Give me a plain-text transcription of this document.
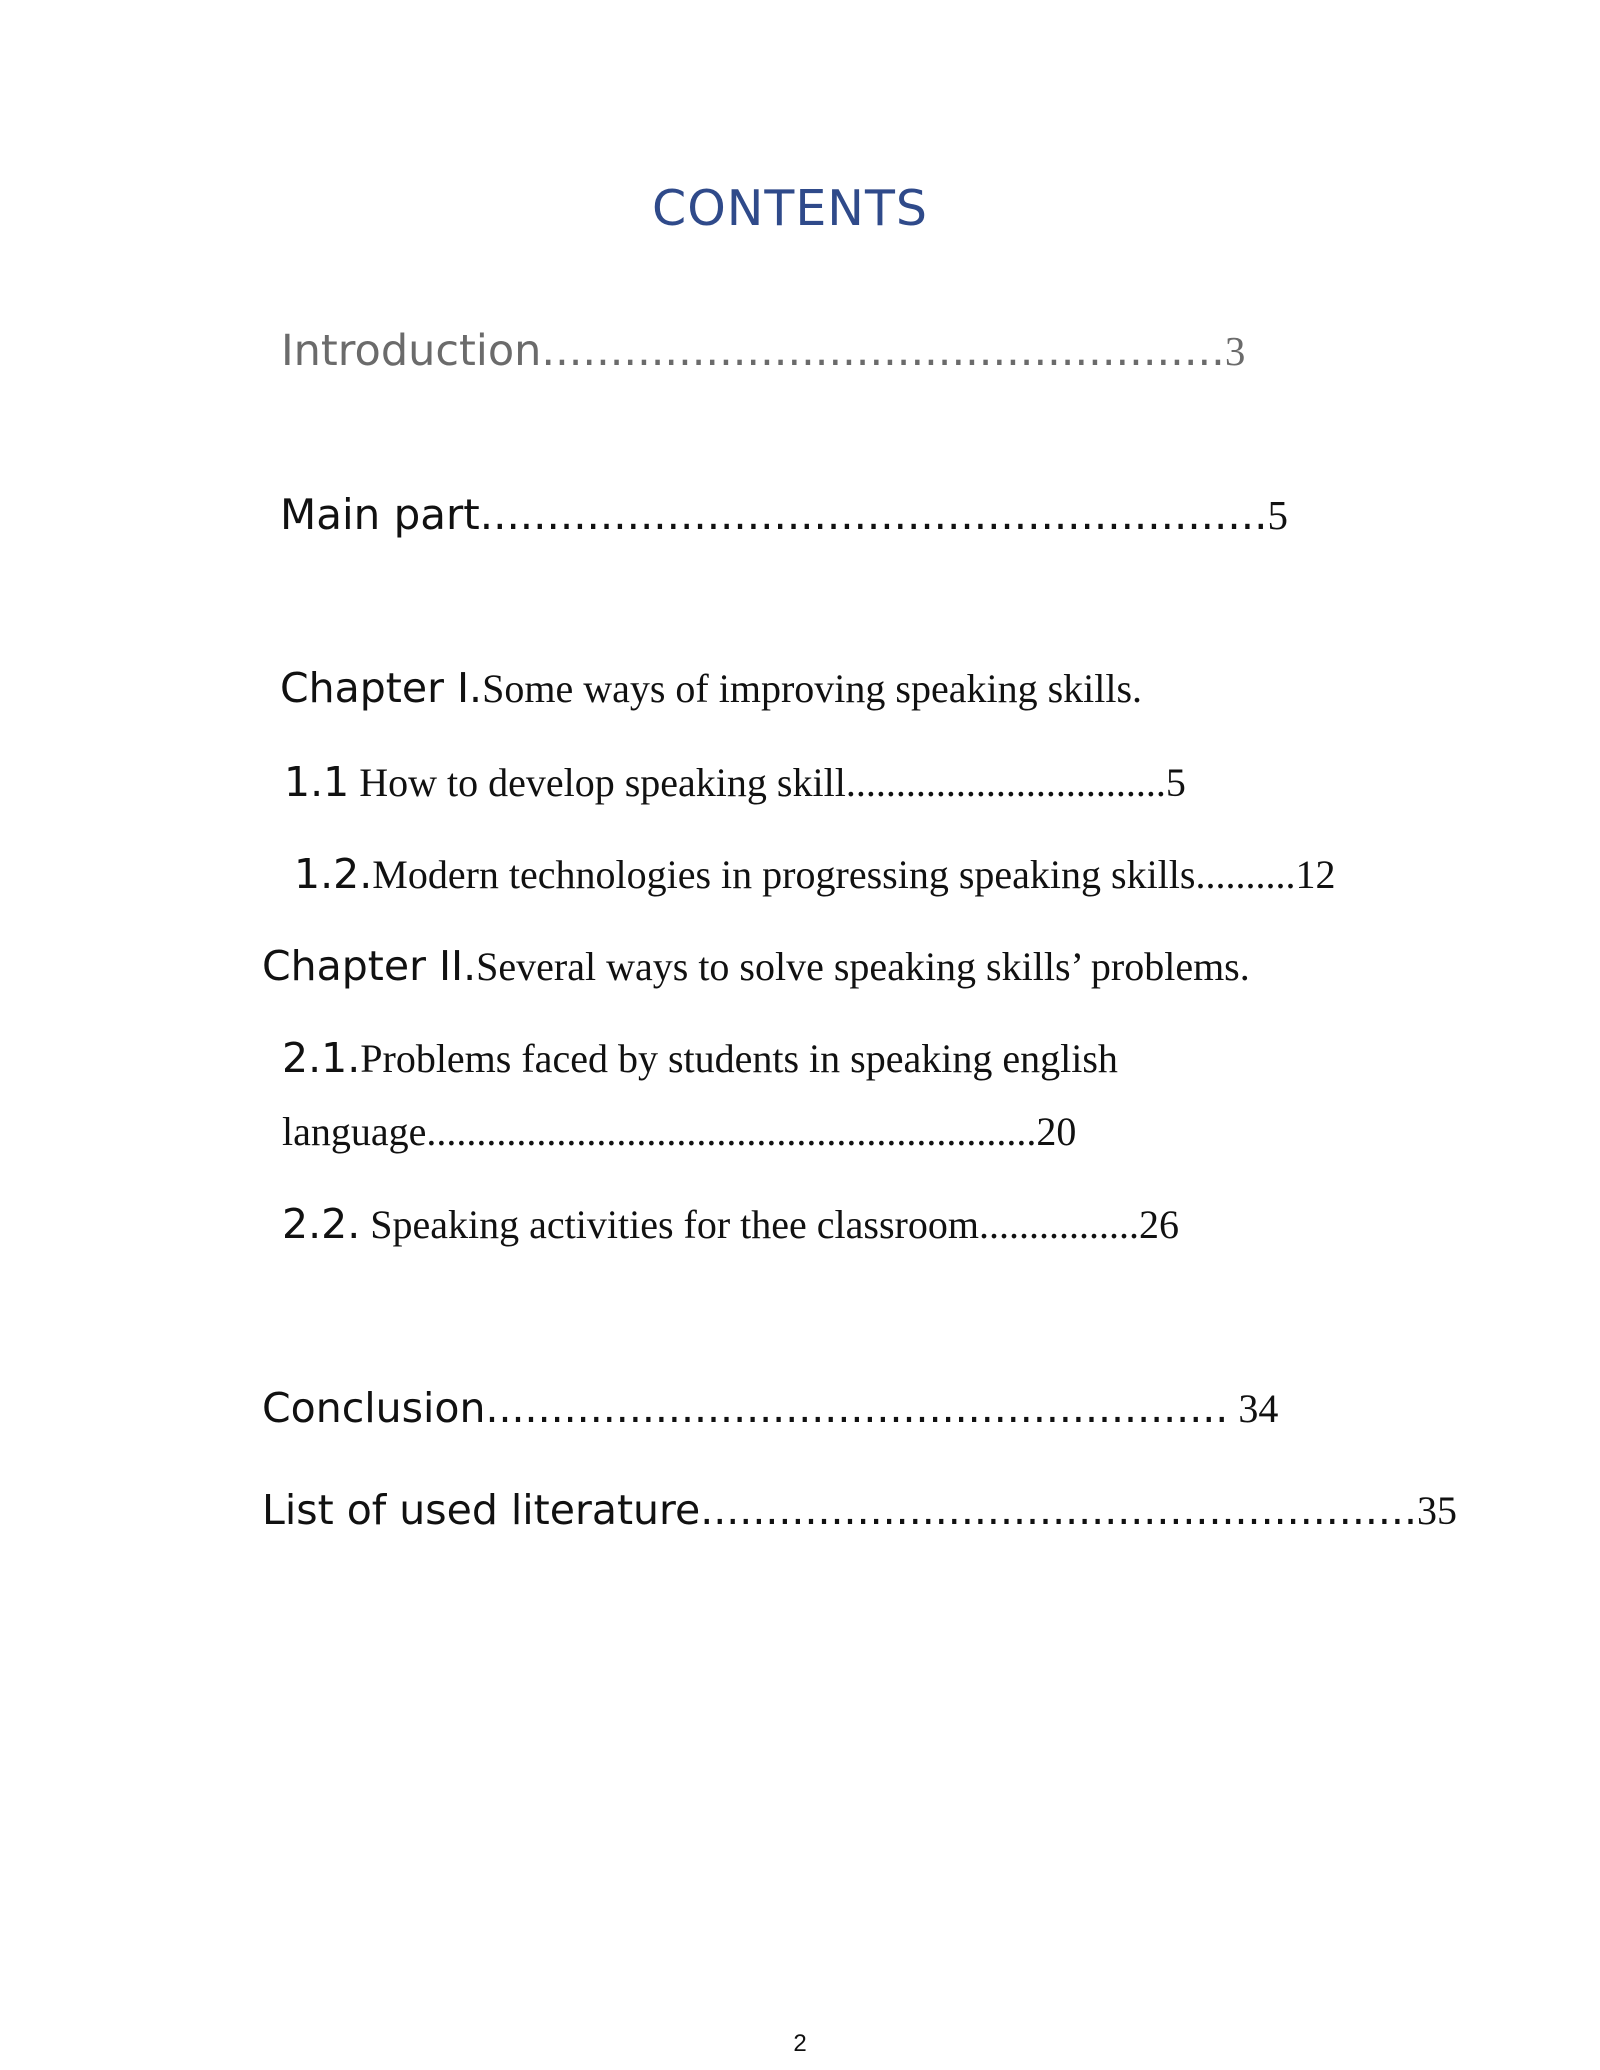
CONTENTS
Introduction..................................................3
Main part...........................................................5
Chapter I.Some ways of improving speaking skills.
1.1 How to develop speaking skill................................5
1.2.Modern technologies in progressing speaking skills..........12
Chapter II.Several ways to solve speaking skills’ problems.
2.1.Problems faced by students in speaking english
language.............................................................20
2.2. Speaking activities for thee classroom................26
Conclusion......................................................... 34
List of used literature.......................................................35
2
